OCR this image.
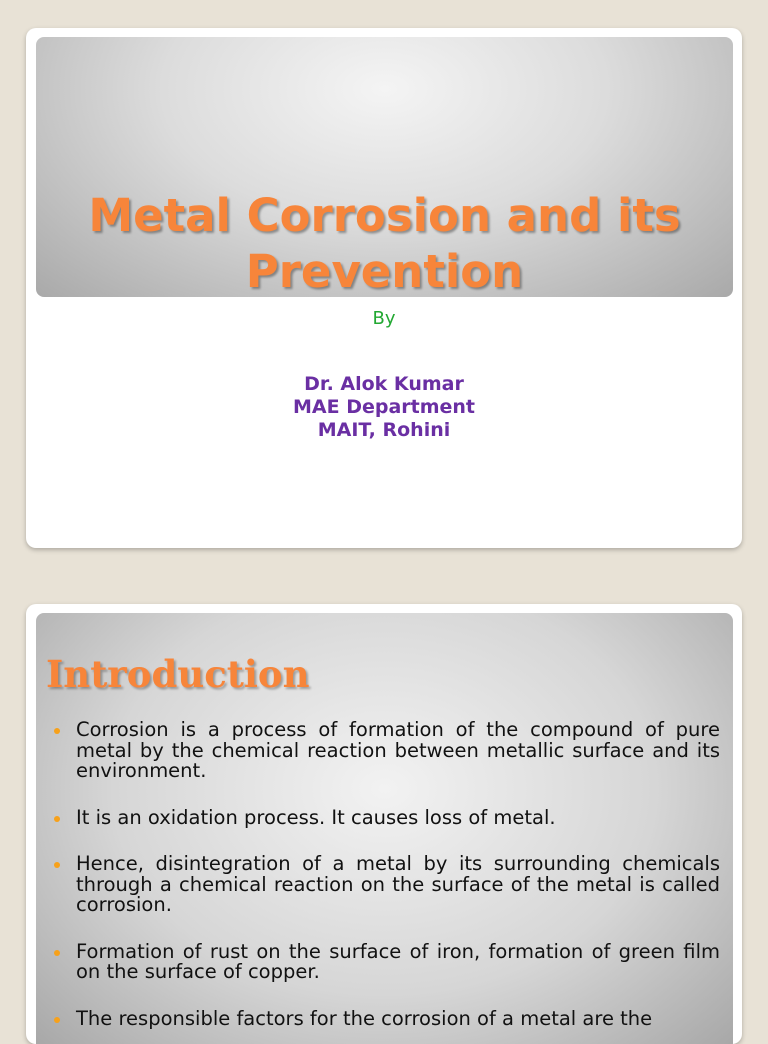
Metal Corrosion and its
Prevention
By
Dr. Alok Kumar
MAE Department
MAIT, Rohini
Introduction
Corrosion is a process of formation of the compound of pure metal by the chemical reaction between metallic surface and its environment.
It is an oxidation process. It causes loss of metal.
Hence, disintegration of a metal by its surrounding chemicals through a chemical reaction on the surface of the metal is called corrosion.
Formation of rust on the surface of iron, formation of green film on the surface of copper.
The responsible factors for the corrosion of a metal are the
